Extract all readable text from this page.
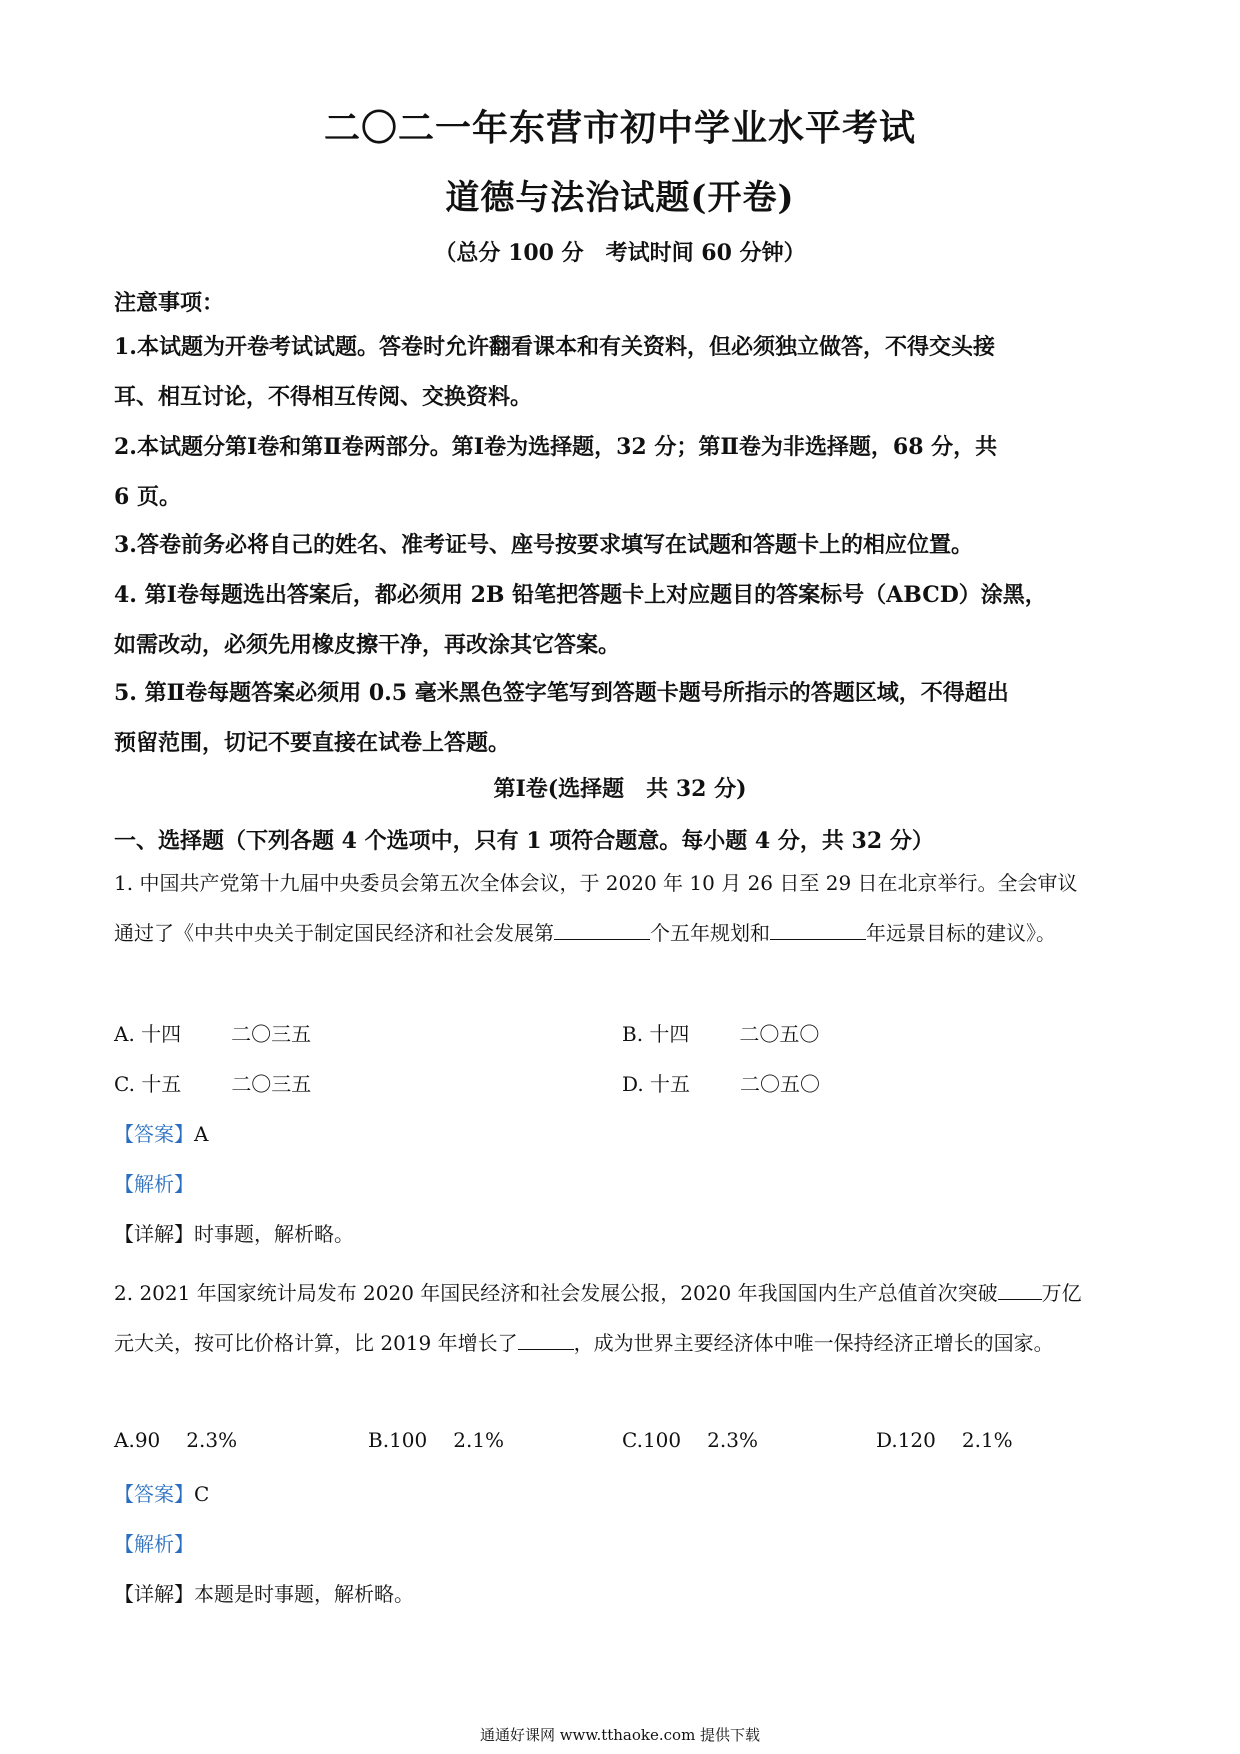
二〇二一年东营市初中学业水平考试
道德与法治试题(开卷)
（总分 100 分　考试时间 60 分钟）
注意事项：
1.本试题为开卷考试试题。答卷时允许翻看课本和有关资料，但必须独立做答，不得交头接
耳、相互讨论，不得相互传阅、交换资料。
2.本试题分第Ⅰ卷和第Ⅱ卷两部分。第Ⅰ卷为选择题，32 分；第Ⅱ卷为非选择题，68 分，共
6 页。
3.答卷前务必将自己的姓名、准考证号、座号按要求填写在试题和答题卡上的相应位置。
4. 第Ⅰ卷每题选出答案后，都必须用 2B 铅笔把答题卡上对应题目的答案标号（ABCD）涂黑，
如需改动，必须先用橡皮擦干净，再改涂其它答案。
5. 第Ⅱ卷每题答案必须用 0.5 毫米黑色签字笔写到答题卡题号所指示的答题区域，不得超出
预留范围，切记不要直接在试卷上答题。
第Ⅰ卷(选择题　共 32 分)
一、选择题（下列各题 4 个选项中，只有 1 项符合题意。每小题 4 分，共 32 分）
1. 中国共产党第十九届中央委员会第五次全体会议，于 2020 年 10 月 26 日至 29 日在北京举行。全会审议
通过了《中共中央关于制定国民经济和社会发展第	个五年规划和	年远景目标的建议》。
A. 十四	二〇三五	B. 十四	二〇五〇
C. 十五	二〇三五	D. 十五	二〇五〇
【答案】A
【解析】
【详解】时事题，解析略。
2. 2021 年国家统计局发布 2020 年国民经济和社会发展公报，2020 年我国国内生产总值首次突破 万亿
元大关，按可比价格计算，比 2019 年增长了	，成为世界主要经济体中唯一保持经济正增长的国家。
A.90 2.3%	B.100 2.1%	C.100 2.3%	D.120 2.1%
【答案】C
【解析】
【详解】本题是时事题，解析略。
通通好课网 www.tthaoke.com 提供下载
